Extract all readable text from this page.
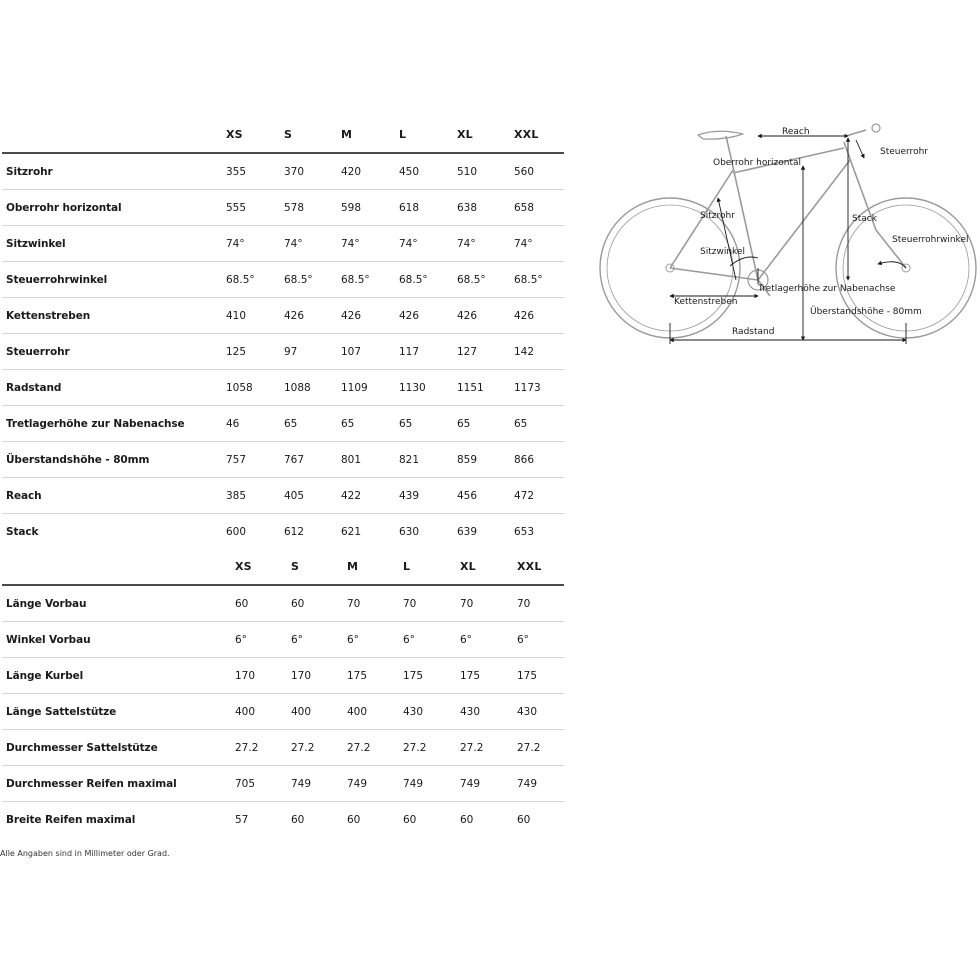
XS	S	M	L	XL	XXL
Sitzrohr	355	370	420	450	510	560
Oberrohr horizontal	555	578	598	618	638	658
Sitzwinkel	74°	74°	74°	74°	74°	74°
Steuerrohrwinkel	68.5°	68.5°	68.5°	68.5°	68.5°	68.5°
Kettenstreben	410	426	426	426	426	426
Steuerrohr	125	97	107	117	127	142
Radstand	1058	1088	1109	1130	1151	1173
Tretlagerhöhe zur Nabenachse	46	65	65	65	65	65
Überstandshöhe - 80mm	757	767	801	821	859	866
Reach	385	405	422	439	456	472
Stack	600	612	621	630	639	653
XS	S	M	L	XL	XXL
Länge Vorbau	60	60	70	70	70	70
Winkel Vorbau	6°	6°	6°	6°	6°	6°
Länge Kurbel	170	170	175	175	175	175
Länge Sattelstütze	400	400	400	430	430	430
Durchmesser Sattelstütze	27.2	27.2	27.2	27.2	27.2	27.2
Durchmesser Reifen maximal	705	749	749	749	749	749
Breite Reifen maximal	57	60	60	60	60	60
Alle Angaben sind in Millimeter oder Grad.
Reach
Steuerrohr
Oberrohr horizontal
Sitzrohr	Stack
Steuerrohrwinkel
Sitzwinkel
Tretlagerhöhe zur Nabenachse
Kettenstreben
Überstandshöhe - 80mm
Radstand
